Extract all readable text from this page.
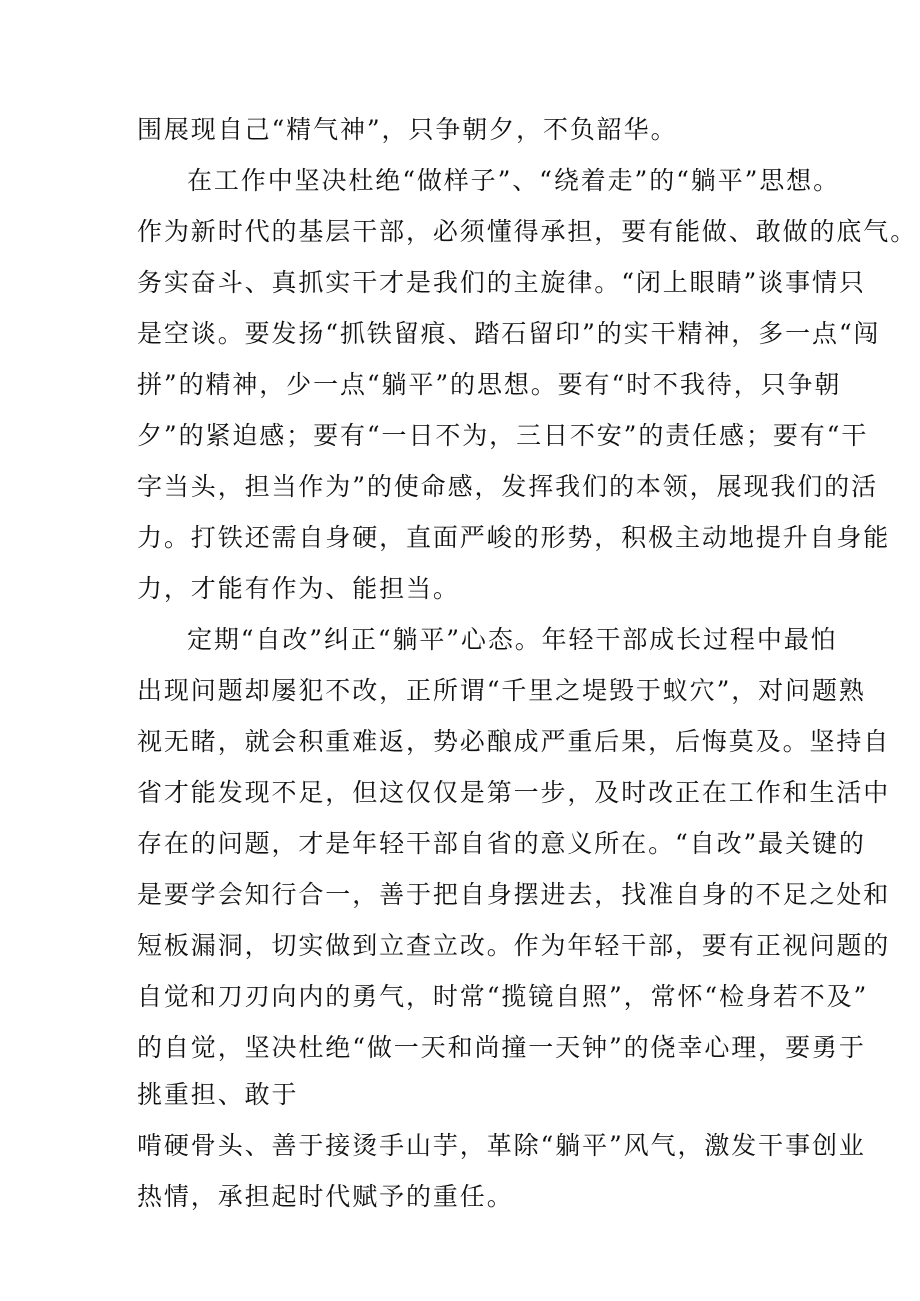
围展现自己“精气神”，只争朝夕，不负韶华。
在工作中坚决杜绝“做样子”、“绕着走”的“躺平”思想。
作为新时代的基层干部，必须懂得承担，要有能做、敢做的底气。
务实奋斗、真抓实干才是我们的主旋律。“闭上眼睛”谈事情只
是空谈。要发扬“抓铁留痕、踏石留印”的实干精神，多一点“闯
拼”的精神，少一点“躺平”的思想。要有“时不我待，只争朝
夕”的紧迫感；要有“一日不为，三日不安”的责任感；要有“干
字当头，担当作为”的使命感，发挥我们的本领，展现我们的活
力。打铁还需自身硬，直面严峻的形势，积极主动地提升自身能
力，才能有作为、能担当。
定期“自改”纠正“躺平”心态。年轻干部成长过程中最怕
出现问题却屡犯不改，正所谓“千里之堤毁于蚁穴”，对问题熟
视无睹，就会积重难返，势必酿成严重后果，后悔莫及。坚持自
省才能发现不足，但这仅仅是第一步，及时改正在工作和生活中
存在的问题，才是年轻干部自省的意义所在。“自改”最关键的
是要学会知行合一，善于把自身摆进去，找准自身的不足之处和
短板漏洞，切实做到立查立改。作为年轻干部，要有正视问题的
自觉和刀刃向内的勇气，时常“揽镜自照”，常怀“检身若不及”
的自觉，坚决杜绝“做一天和尚撞一天钟”的侥幸心理，要勇于
挑重担、敢于
啃硬骨头、善于接烫手山芋，革除“躺平”风气，激发干事创业
热情，承担起时代赋予的重任。
